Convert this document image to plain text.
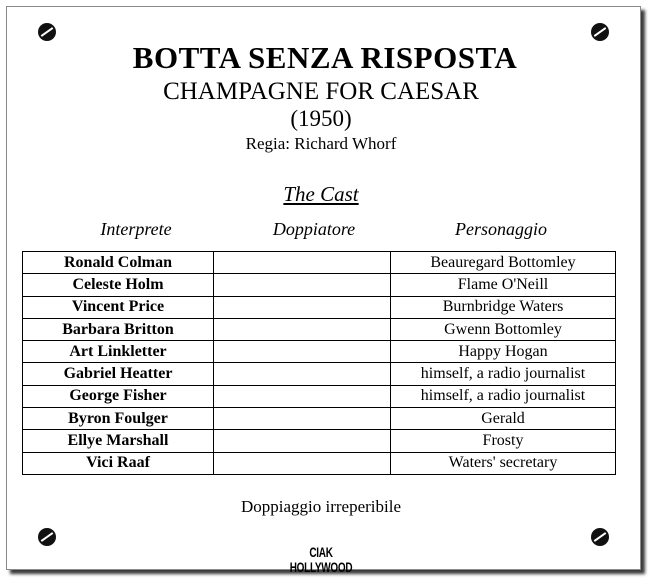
BOTTA SENZA RISPOSTA
CHAMPAGNE FOR CAESAR
(1950)
Regia: Richard Whorf
The Cast
Interprete	Doppiatore	Personaggio
Ronald Colman		Beauregard Bottomley
Celeste Holm		Flame O'Neill
Vincent Price		Burnbridge Waters
Barbara Britton		Gwenn Bottomley
Art Linkletter		Happy Hogan
Gabriel Heatter		himself, a radio journalist
George Fisher		himself, a radio journalist
Byron Foulger		Gerald
Ellye Marshall		Frosty
Vici Raaf		Waters' secretary
Doppiaggio irreperibile
CIAK HOLLYWOOD
